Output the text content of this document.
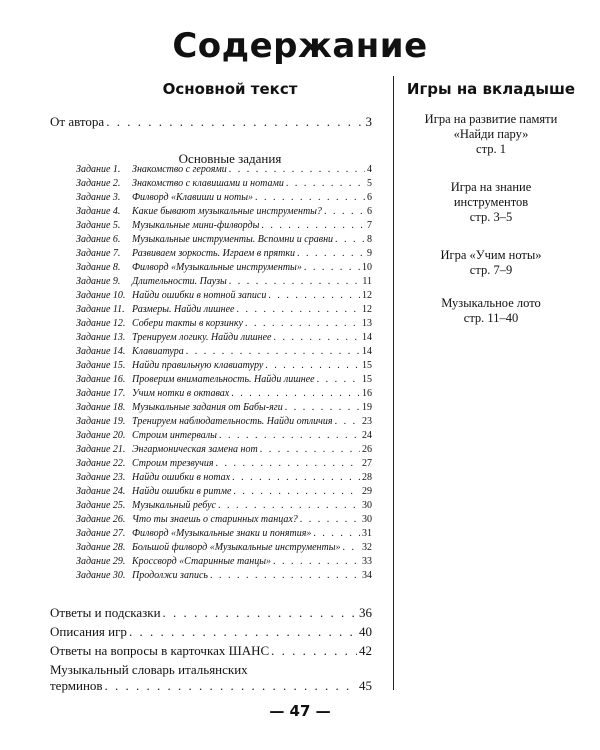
Содержание
Основной текст	Игры на вкладыше
От автора . . .	3
Основные задания
Задание 1.	Знакомство с героями . . .	4
Задание 2.	Знакомство с клавишами и нотами . . .	5
Задание 3.	Филворд «Клавиши и ноты» . . .	6
Задание 4.	Какие бывают музыкальные инструменты? . . .	6
Задание 5.	Музыкальные мини-филворды . . .	7
Задание 6.	Музыкальные инструменты. Вспомни и сравни . . .	8
Задание 7.	Развиваем зоркость. Играем в прятки . . .	9
Задание 8.	Филворд «Музыкальные инструменты» . . .	10
Задание 9.	Длительности. Паузы . . .	11
Задание 10. Найди ошибки в нотной записи . . .	12
Задание 11. Размеры. Найди лишнее . . .	12
Задание 12. Собери такты в корзинку . . .	13
Задание 13. Тренируем логику. Найди лишнее . . .	14
Задание 14. Клавиатура . . .	14
Задание 15. Найди правильную клавиатуру . . .	15
Задание 16. Проверим внимательность. Найди лишнее . . .	15
Задание 17. Учим нотки в октавах . . .	16
Задание 18. Музыкальные задания от Бабы-яги . . .	19
Задание 19. Тренируем наблюдательность. Найди отличия . . .	23
Задание 20. Строим интервалы . . .	24
Задание 21. Энгармоническая замена нот . . .	26
Задание 22. Строим трезвучия . . .	27
Задание 23. Найди ошибки в нотах . . .	28
Задание 24. Найди ошибки в ритме . . .	29
Задание 25. Музыкальный ребус . . .	30
Задание 26. Что ты знаешь о старинных танцах? . . .	30
Задание 27. Филворд «Музыкальные знаки и понятия» . . .	31
Задание 28. Большой филворд «Музыкальные инструменты» . . . 32
Задание 29. Кроссворд «Старинные танцы» . . .	33
Задание 30. Продолжи запись . . .	34
Ответы и подсказки . . .	36
Описания игр . . .	40
Ответы на вопросы в карточках ШАНС . . .	42
Музыкальный словарь итальянских
терминов . . .	45
Игра на развитие памяти «Найди пару»
стр. 1
Игра на знание инструментов
стр. 3–5
Игра «Учим ноты»
стр. 7–9
Музыкальное лото
стр. 11–40
— 47 —
